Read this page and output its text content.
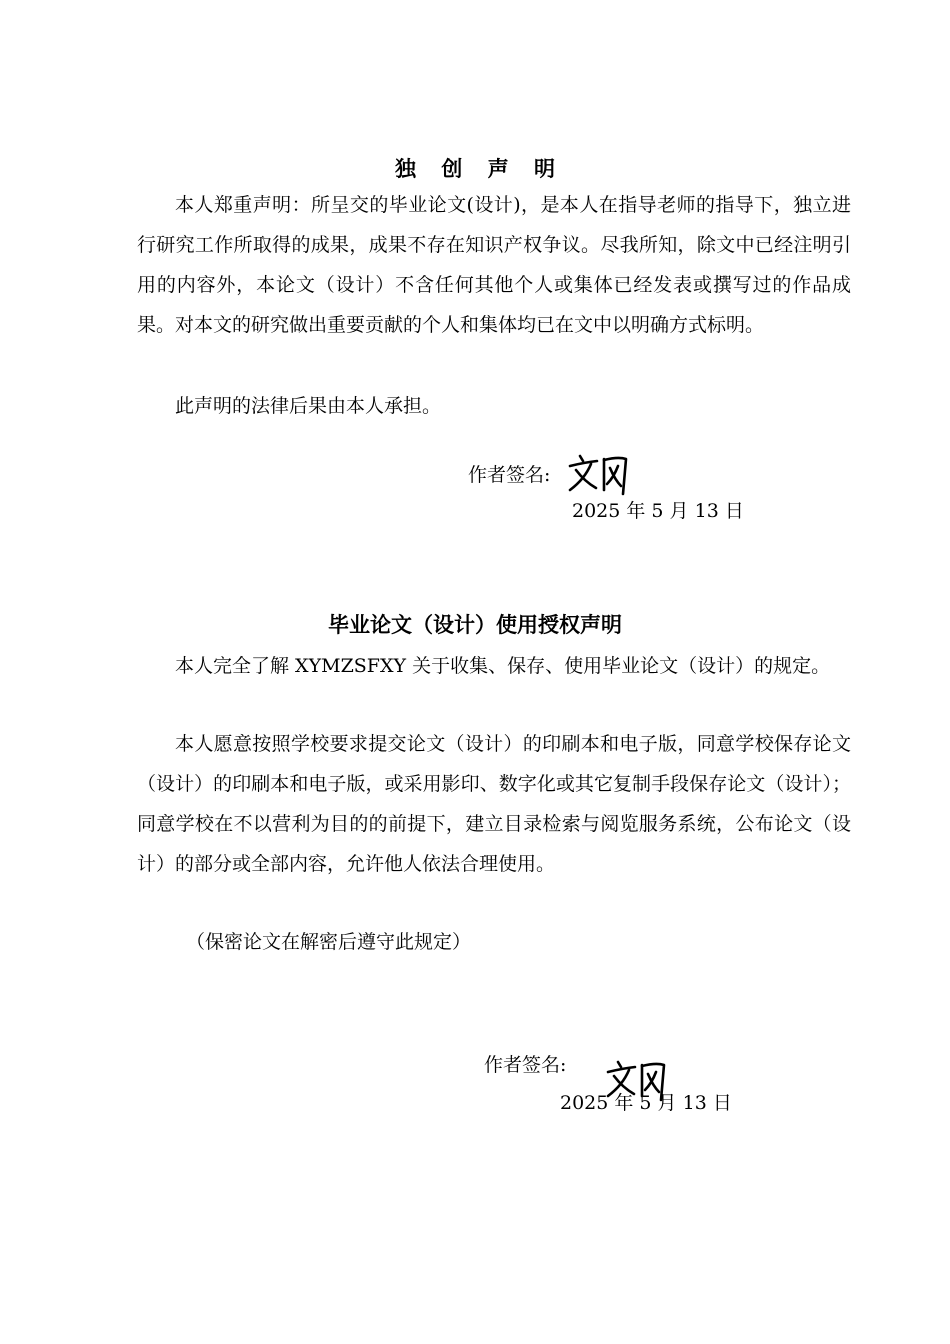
独 创 声 明

本人郑重声明：所呈交的毕业论文(设计)，是本人在指导老师的指导下，独立进行研究工作所取得的成果，成果不存在知识产权争议。尽我所知，除文中已经注明引用的内容外，本论文（设计）不含任何其他个人或集体已经发表或撰写过的作品成果。对本文的研究做出重要贡献的个人和集体均已在文中以明确方式标明。

此声明的法律后果由本人承担。

作者签名:
2025 年 5 月 13 日
毕业论文（设计）使用授权声明

本人完全了解 XYMZSFXY 关于收集、保存、使用毕业论文（设计）的规定。

本人愿意按照学校要求提交论文（设计）的印刷本和电子版，同意学校保存论文（设计）的印刷本和电子版，或采用影印、数字化或其它复制手段保存论文（设计）；同意学校在不以营利为目的的前提下，建立目录检索与阅览服务系统，公布论文（设计）的部分或全部内容，允许他人依法合理使用。

（保密论文在解密后遵守此规定）

作者签名:
2025 年 5 月 13 日
